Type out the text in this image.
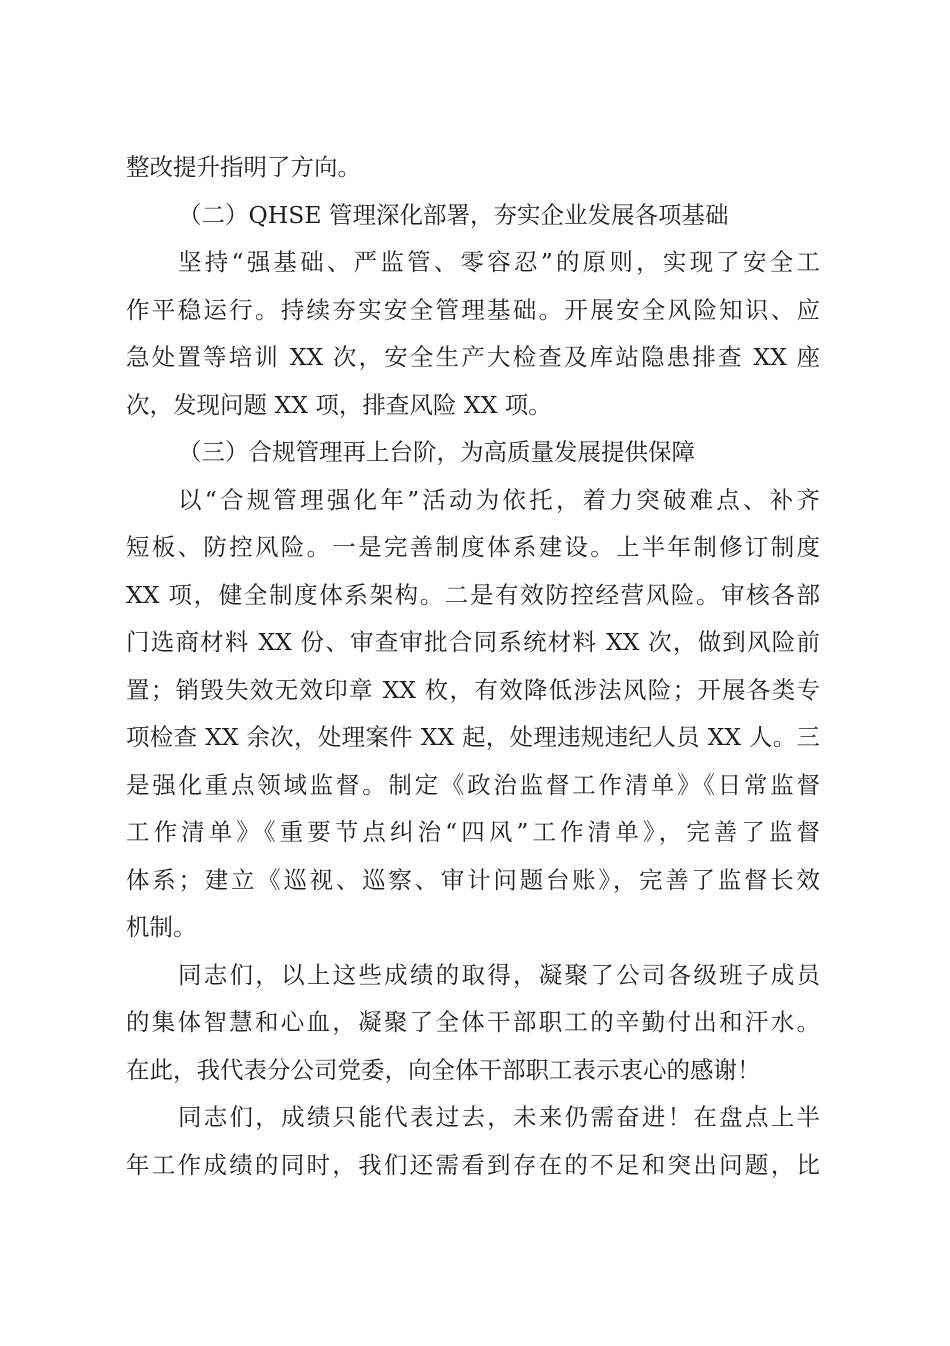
整改提升指明了方向。
（二）QHSE 管理深化部署，夯实企业发展各项基础
坚持“强基础、严监管、零容忍”的原则，实现了安全工
作平稳运行。持续夯实安全管理基础。开展安全风险知识、应
急处置等培训 XX 次，安全生产大检查及库站隐患排查 XX 座
次，发现问题 XX 项，排查风险 XX 项。
（三）合规管理再上台阶，为高质量发展提供保障
以“合规管理强化年”活动为依托，着力突破难点、补齐
短板、防控风险。一是完善制度体系建设。上半年制修订制度
XX 项，健全制度体系架构。二是有效防控经营风险。审核各部
门选商材料 XX 份、审查审批合同系统材料 XX 次，做到风险前
置；销毁失效无效印章 XX 枚，有效降低涉法风险；开展各类专
项检查 XX 余次，处理案件 XX 起，处理违规违纪人员 XX 人。三
是强化重点领域监督。制定《政治监督工作清单》《日常监督
工作清单》《重要节点纠治“四风”工作清单》，完善了监督
体系；建立《巡视、巡察、审计问题台账》，完善了监督长效
机制。
同志们，以上这些成绩的取得，凝聚了公司各级班子成员
的集体智慧和心血，凝聚了全体干部职工的辛勤付出和汗水。
在此，我代表分公司党委，向全体干部职工表示衷心的感谢！
同志们，成绩只能代表过去，未来仍需奋进！在盘点上半
年工作成绩的同时，我们还需看到存在的不足和突出问题，比
